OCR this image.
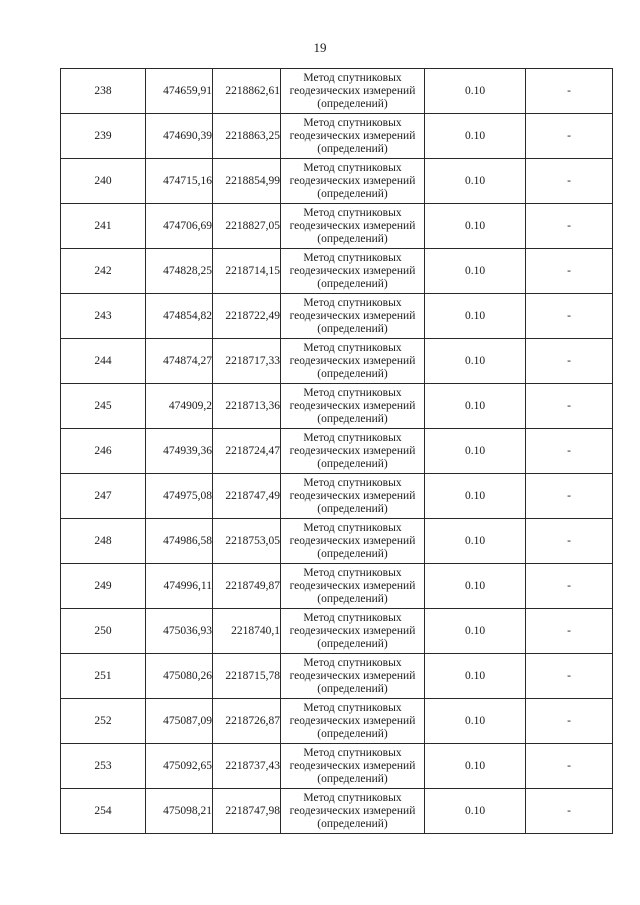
19
238	474659,91	2218862,61	Метод спутниковых
геодезических измерений
(определений)	0.10	-
239	474690,39	2218863,25	Метод спутниковых
геодезических измерений
(определений)	0.10	-
240	474715,16	2218854,99	Метод спутниковых
геодезических измерений
(определений)	0.10	-
241	474706,69	2218827,05	Метод спутниковых
геодезических измерений
(определений)	0.10	-
242	474828,25	2218714,15	Метод спутниковых
геодезических измерений
(определений)	0.10	-
243	474854,82	2218722,49	Метод спутниковых
геодезических измерений
(определений)	0.10	-
244	474874,27	2218717,33	Метод спутниковых
геодезических измерений
(определений)	0.10	-
245	474909,2	2218713,36	Метод спутниковых
геодезических измерений
(определений)	0.10	-
246	474939,36	2218724,47	Метод спутниковых
геодезических измерений
(определений)	0.10	-
247	474975,08	2218747,49	Метод спутниковых
геодезических измерений
(определений)	0.10	-
248	474986,58	2218753,05	Метод спутниковых
геодезических измерений
(определений)	0.10	-
249	474996,11	2218749,87	Метод спутниковых
геодезических измерений
(определений)	0.10	-
250	475036,93	2218740,1	Метод спутниковых
геодезических измерений
(определений)	0.10	-
251	475080,26	2218715,78	Метод спутниковых
геодезических измерений
(определений)	0.10	-
252	475087,09	2218726,87	Метод спутниковых
геодезических измерений
(определений)	0.10	-
253	475092,65	2218737,43	Метод спутниковых
геодезических измерений
(определений)	0.10	-
254	475098,21	2218747,98	Метод спутниковых
геодезических измерений
(определений)	0.10	-
